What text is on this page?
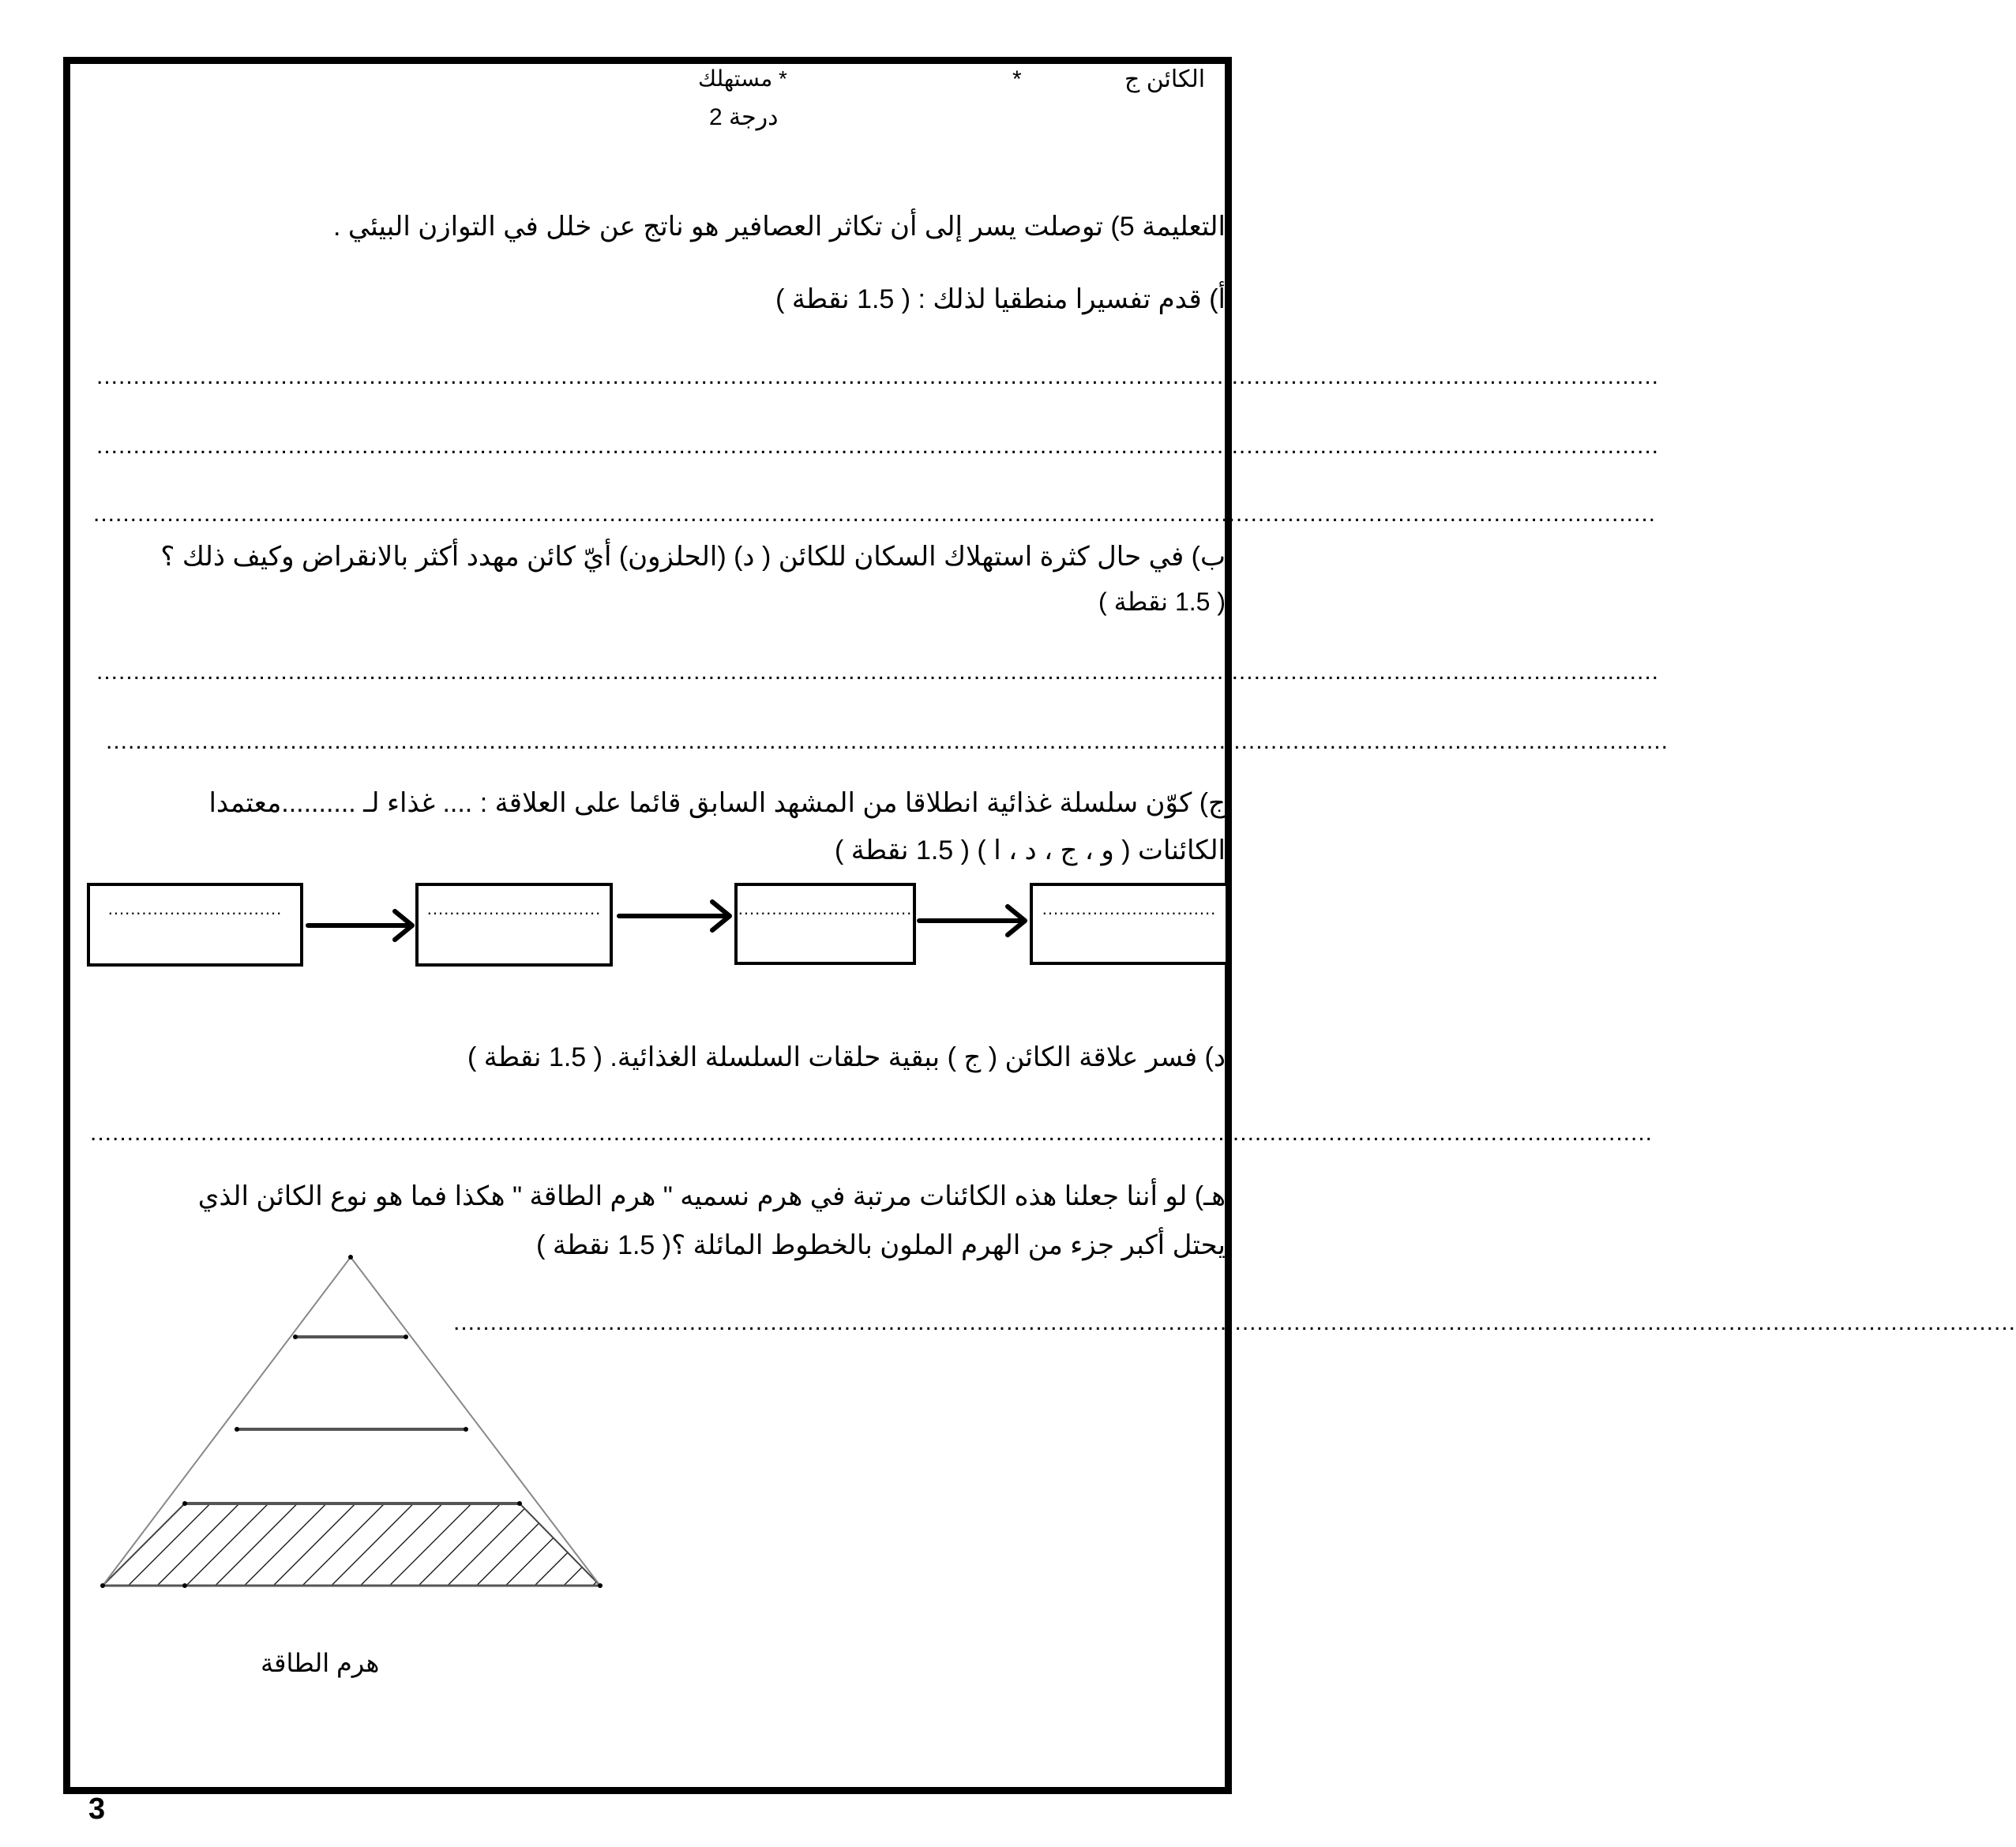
الكائن ج
*
* مستهلك
درجة 2
التعليمة 5) توصلت يسر إلى أن تكاثر العصافير هو ناتج عن خلل في التوازن البيئي .
أ) قدم تفسيرا منطقيا لذلك : ( 1.5 نقطة )
....................................................................................................................................................................................................................
....................................................................................................................................................................................................................
....................................................................................................................................................................................................................
ب) في حال كثرة استهلاك السكان للكائن ( د) (الحلزون) أيّ كائن مهدد أكثر بالانقراض وكيف ذلك ؟
( 1.5 نقطة )
....................................................................................................................................................................................................................
....................................................................................................................................................................................................................
ج) كوّن سلسلة غذائية انطلاقا من المشهد السابق قائما على العلاقة : .... غذاء لـ ..........معتمدا
الكائنات ( و ، ج ، د ، ا ) ( 1.5 نقطة )
...............................	...............................	...............................	...............................
د) فسر علاقة الكائن ( ج ) ببقية حلقات السلسلة الغذائية. ( 1.5 نقطة )
....................................................................................................................................................................................................................
هـ) لو أننا جعلنا هذه الكائنات مرتبة في هرم نسميه " هرم الطاقة " هكذا فما هو نوع الكائن الذي
يحتل أكبر جزء من الهرم الملون بالخطوط المائلة ؟( 1.5 نقطة )
....................................................................................................................................................................................................................
هرم الطاقة
3
